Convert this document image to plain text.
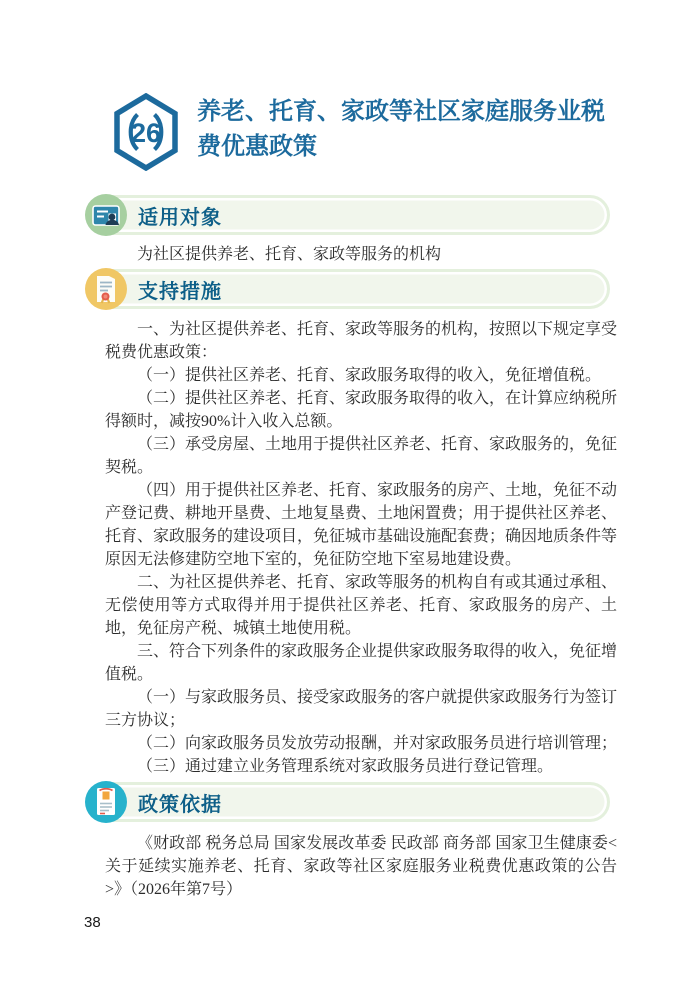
26
养老、托育、家政等社区家庭服务业税费优惠政策
适用对象

为社区提供养老、托育、家政等服务的机构

支持措施

一、为社区提供养老、托育、家政等服务的机构，按照以下规定享受税费优惠政策：

（一）提供社区养老、托育、家政服务取得的收入，免征增值税。

（二）提供社区养老、托育、家政服务取得的收入，在计算应纳税所得额时，减按90%计入收入总额。

（三）承受房屋、土地用于提供社区养老、托育、家政服务的，免征契税。

（四）用于提供社区养老、托育、家政服务的房产、土地，免征不动产登记费、耕地开垦费、土地复垦费、土地闲置费；用于提供社区养老、托育、家政服务的建设项目，免征城市基础设施配套费；确因地质条件等原因无法修建防空地下室的，免征防空地下室易地建设费。

二、为社区提供养老、托育、家政等服务的机构自有或其通过承租、无偿使用等方式取得并用于提供社区养老、托育、家政服务的房产、土地，免征房产税、城镇土地使用税。

三、符合下列条件的家政服务企业提供家政服务取得的收入，免征增值税。

（一）与家政服务员、接受家政服务的客户就提供家政服务行为签订三方协议；

（二）向家政服务员发放劳动报酬，并对家政服务员进行培训管理；

（三）通过建立业务管理系统对家政服务员进行登记管理。

政策依据

《财政部 税务总局 国家发展改革委 民政部 商务部 国家卫生健康委<关于延续实施养老、托育、家政等社区家庭服务业税费优惠政策的公告>》（2026年第7号）

38
